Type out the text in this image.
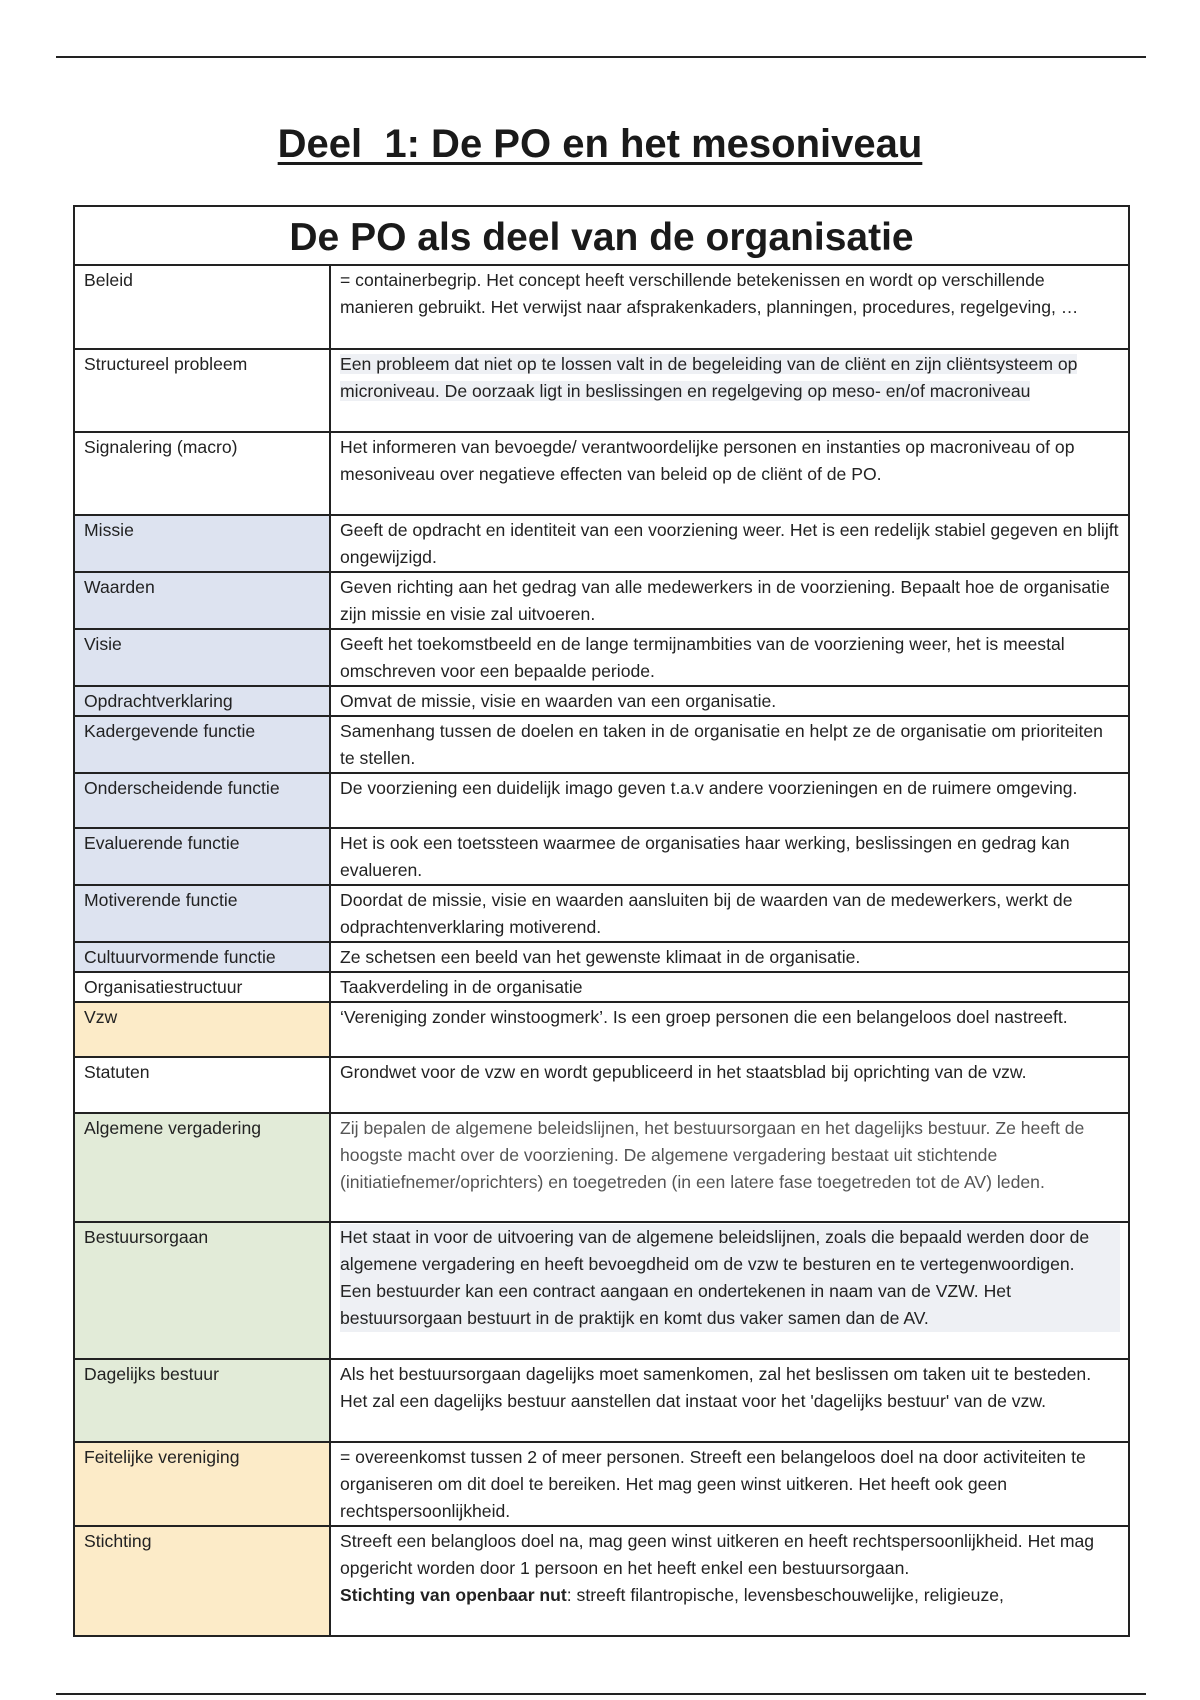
Deel  1: De PO en het mesoniveau
De PO als deel van de organisatie	
Beleid	= containerbegrip. Het concept heeft verschillende betekenissen en wordt op verschillende manieren gebruikt. Het verwijst naar afsprakenkaders, planningen, procedures, regelgeving, …
Structureel probleem	Een probleem dat niet op te lossen valt in de begeleiding van de cliënt en zijn cliëntsysteem op microniveau. De oorzaak ligt in beslissingen en regelgeving op meso- en/of macroniveau
Signalering (macro)	Het informeren van bevoegde/ verantwoordelijke personen en instanties op macroniveau of op mesoniveau over negatieve effecten van beleid op de cliënt of de PO.
Missie	Geeft de opdracht en identiteit van een voorziening weer. Het is een redelijk stabiel gegeven en blijft ongewijzigd.
Waarden	Geven richting aan het gedrag van alle medewerkers in de voorziening. Bepaalt hoe de organisatie zijn missie en visie zal uitvoeren.
Visie	Geeft het toekomstbeeld en de lange termijnambities van de voorziening weer, het is meestal omschreven voor een bepaalde periode.
Opdrachtverklaring	Omvat de missie, visie en waarden van een organisatie.
Kadergevende functie	Samenhang tussen de doelen en taken in de organisatie en helpt ze de organisatie om prioriteiten te stellen.
Onderscheidende functie	De voorziening een duidelijk imago geven t.a.v andere voorzieningen en de ruimere omgeving.
Evaluerende functie	Het is ook een toetssteen waarmee de organisaties haar werking, beslissingen en gedrag kan evalueren.
Motiverende functie	Doordat de missie, visie en waarden aansluiten bij de waarden van de medewerkers, werkt de odprachtenverklaring motiverend.
Cultuurvormende functie	Ze schetsen een beeld van het gewenste klimaat in de organisatie.
Organisatiestructuur	Taakverdeling in de organisatie
Vzw	‘Vereniging zonder winstoogmerk’. Is een groep personen die een belangeloos doel nastreeft.
Statuten	Grondwet voor de vzw en wordt gepubliceerd in het staatsblad bij oprichting van de vzw.
Algemene vergadering	Zij bepalen de algemene beleidslijnen, het bestuursorgaan en het dagelijks bestuur. Ze heeft de hoogste macht over de voorziening. De algemene vergadering bestaat uit stichtende (initiatiefnemer/oprichters) en toegetreden (in een latere fase toegetreden tot de AV) leden.
Bestuursorgaan	Het staat in voor de uitvoering van de algemene beleidslijnen, zoals die bepaald werden door de algemene vergadering en heeft bevoegdheid om de vzw te besturen en te vertegenwoordigen.
Een bestuurder kan een contract aangaan en ondertekenen in naam van de VZW. Het bestuursorgaan bestuurt in de praktijk en komt dus vaker samen dan de AV.

Dagelijks bestuur	Als het bestuursorgaan dagelijks moet samenkomen, zal het beslissen om taken uit te besteden. Het zal een dagelijks bestuur aanstellen dat instaat voor het 'dagelijks bestuur' van de vzw.
Feitelijke vereniging	= overeenkomst tussen 2 of meer personen. Streeft een belangeloos doel na door activiteiten te organiseren om dit doel te bereiken. Het mag geen winst uitkeren. Het heeft ook geen rechtspersoonlijkheid.
Stichting	Streeft een belangloos doel na, mag geen winst uitkeren en heeft rechtspersoonlijkheid. Het mag opgericht worden door 1 persoon en het heeft enkel een bestuursorgaan.
Stichting van openbaar nut: streeft filantropische, levensbeschouwelijke, religieuze,
